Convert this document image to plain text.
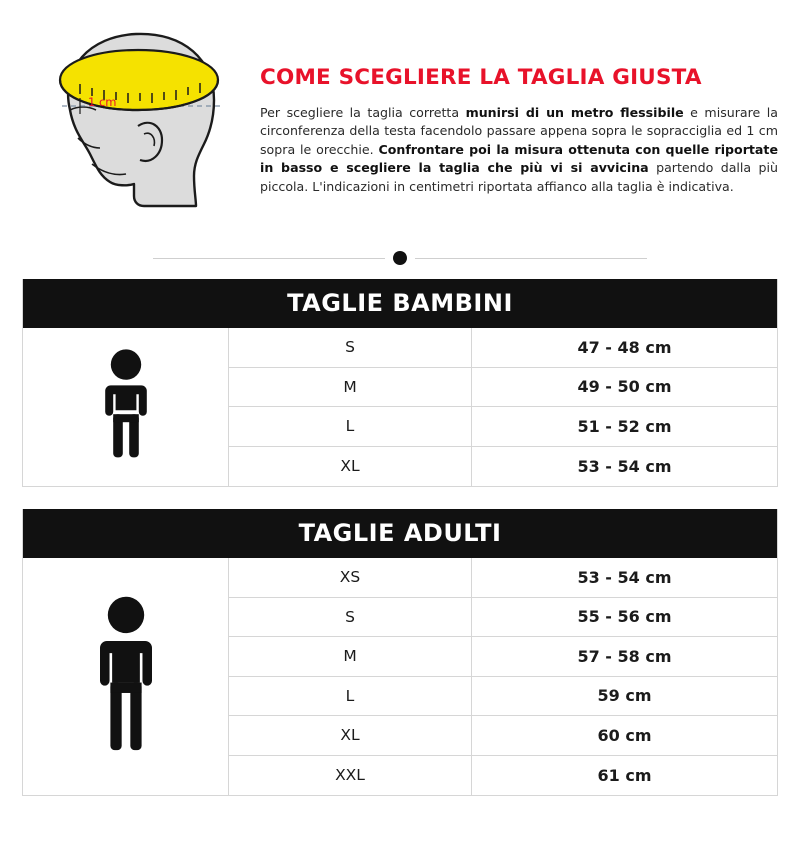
1 cm
COME SCEGLIERE LA TAGLIA GIUSTA

Per scegliere la taglia corretta munirsi di un metro flessibile e misurare la circonferenza della testa facendolo passare appena sopra le sopracciglia ed 1 cm sopra le orecchie. Confrontare poi la misura ottenuta con quelle riportate in basso e scegliere la taglia che più vi si avvicina partendo dalla più piccola. L'indicazioni in centimetri riportata affiancо alla taglia è indicativa.

TAGLIE BAMBINI
S	47 - 48 cm
M	49 - 50 cm
L	51 - 52 cm
XL	53 - 54 cm
TAGLIE ADULTI
XS	53 - 54 cm
S	55 - 56 cm
M	57 - 58 cm
L	59 cm
XL	60 cm
XXL	61 cm
